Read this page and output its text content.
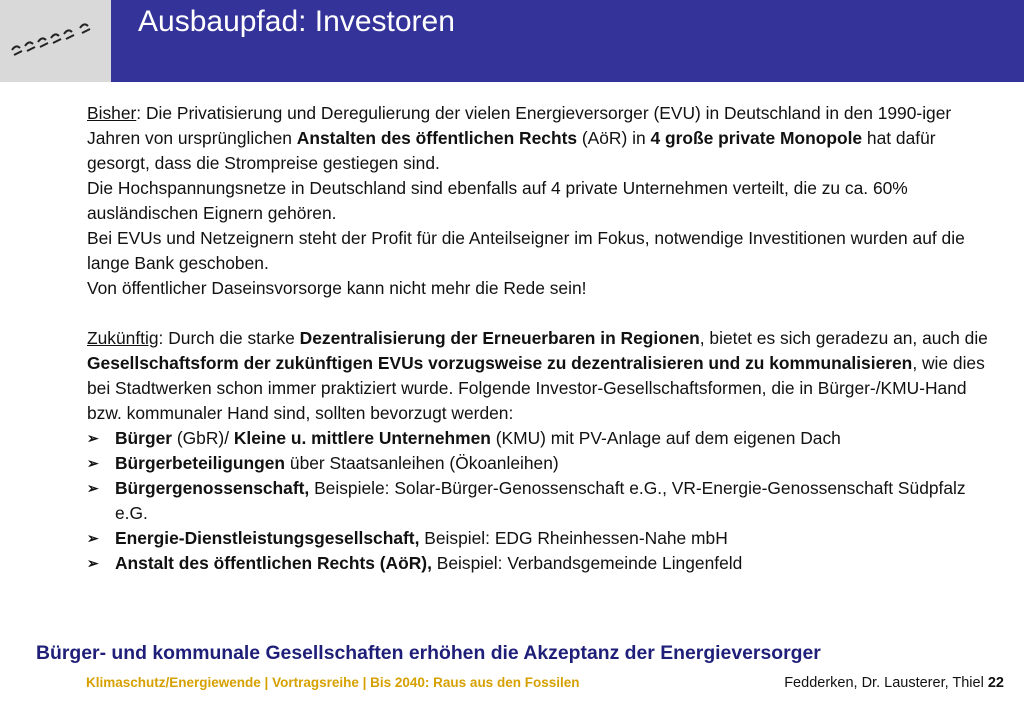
Ausbaupfad: Investoren

Bisher: Die Privatisierung und Deregulierung der vielen Energieversorger (EVU) in Deutschland in den 1990-iger Jahren von ursprünglichen Anstalten des öffentlichen Rechts (AöR) in 4 große private Monopole hat dafür gesorgt, dass die Strompreise gestiegen sind.

Die Hochspannungsnetze in Deutschland sind ebenfalls auf 4 private Unternehmen verteilt, die zu ca. 60% ausländischen Eignern gehören.

Bei EVUs und Netzeignern steht der Profit für die Anteilseigner im Fokus, notwendige Investitionen wurden auf die lange Bank geschoben.

Von öffentlicher Daseinsvorsorge kann nicht mehr die Rede sein!

Zukünftig: Durch die starke Dezentralisierung der Erneuerbaren in Regionen, bietet es sich geradezu an, auch die Gesellschaftsform der zukünftigen EVUs vorzugsweise zu dezentralisieren und zu kommunalisieren, wie dies bei Stadtwerken schon immer praktiziert wurde. Folgende Investor-Gesellschaftsformen, die in Bürger-/KMU-Hand bzw. kommunaler Hand sind, sollten bevorzugt werden:

➢ Bürger (GbR)/ Kleine u. mittlere Unternehmen (KMU) mit PV-Anlage auf dem eigenen Dach
➢ Bürgerbeteiligungen über Staatsanleihen (Ökoanleihen)
➢ Bürgergenossenschaft, Beispiele: Solar-Bürger-Genossenschaft e.G., VR-Energie-Genossenschaft Südpfalz e.G.
➢ Energie-Dienstleistungsgesellschaft, Beispiel: EDG Rheinhessen-Nahe mbH
➢ Anstalt des öffentlichen Rechts (AöR), Beispiel: Verbandsgemeinde Lingenfeld

Bürger- und kommunale Gesellschaften erhöhen die Akzeptanz der Energieversorger

Klimaschutz/Energiewende | Vortragsreihe | Bis 2040: Raus aus den Fossilen	Fedderken, Dr. Lausterer, Thiel 22
